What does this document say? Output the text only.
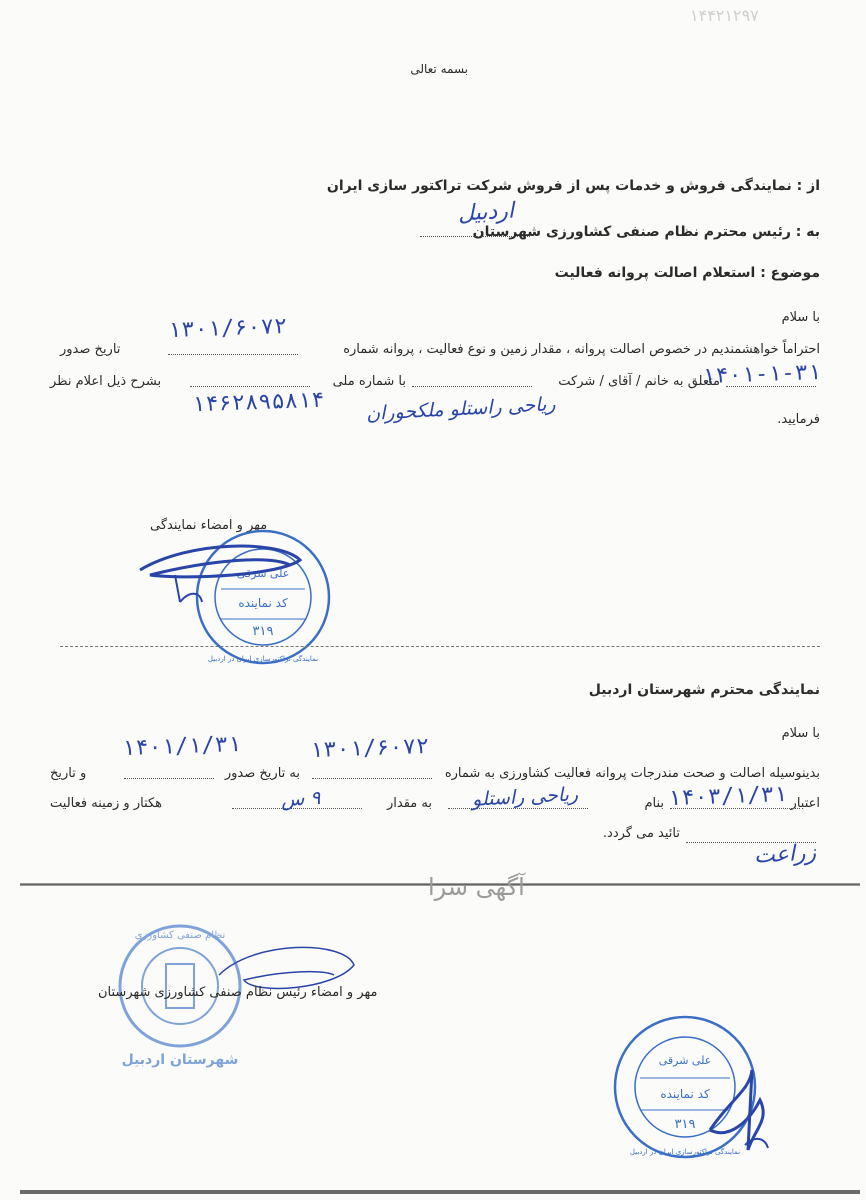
۱۴۴۲۱۲۹۷
بسمه تعالی
از : نمایندگی فروش و خدمات پس از فروش شرکت تراکتور سازی ایران
به : رئیس محترم نظام صنفی کشاورزی شهرستان
اردبیل
موضوع : استعلام اصالت پروانه فعالیت
با سلام
احتراماً خواهشمندیم در خصوص اصالت پروانه ، مقدار زمین و نوع فعالیت ، پروانه شماره
تاریخ صدور
۱۳۰۱/۶۰۷۲
۱۴۰۱-۱-۳۱
متعلق به خانم / آقای / شرکت
با شماره ملی
بشرح ذیل اعلام نظر
۱۴۶۲۸۹۵۸۱۴ ریاحی راستلو ملکحوران	فرمایید.
مهر و امضاء نمایندگی
علی شرقی
کد نماینده
۳۱۹
نمایندگی تراکتورسازی ایران در اردبیل
نمایندگی محترم شهرستان اردبیل
با سلام
بدینوسیله اصالت و صحت مندرجات پروانه فعالیت کشاورزی به شماره
۱۳۰۱/۶۰۷۲
به تاریخ صدور
۱۴۰۱/۱/۳۱
و تاریخ
اعتبار
۱۴۰۳/۱/۳۱
بنام
ریاحی راستلو
به مقدار
۹ س
هکتار و زمینه فعالیت
زراعت
تائید می گردد.
آگهی سرا
نظام صنفی کشاورزی
شهرستان اردبیل
مهر و امضاء رئیس نظام صنفی کشاورزی شهرستان
علی شرقی
کد نماینده
۳۱۹
نمایندگی تراکتورسازی ایران در اردبیل
